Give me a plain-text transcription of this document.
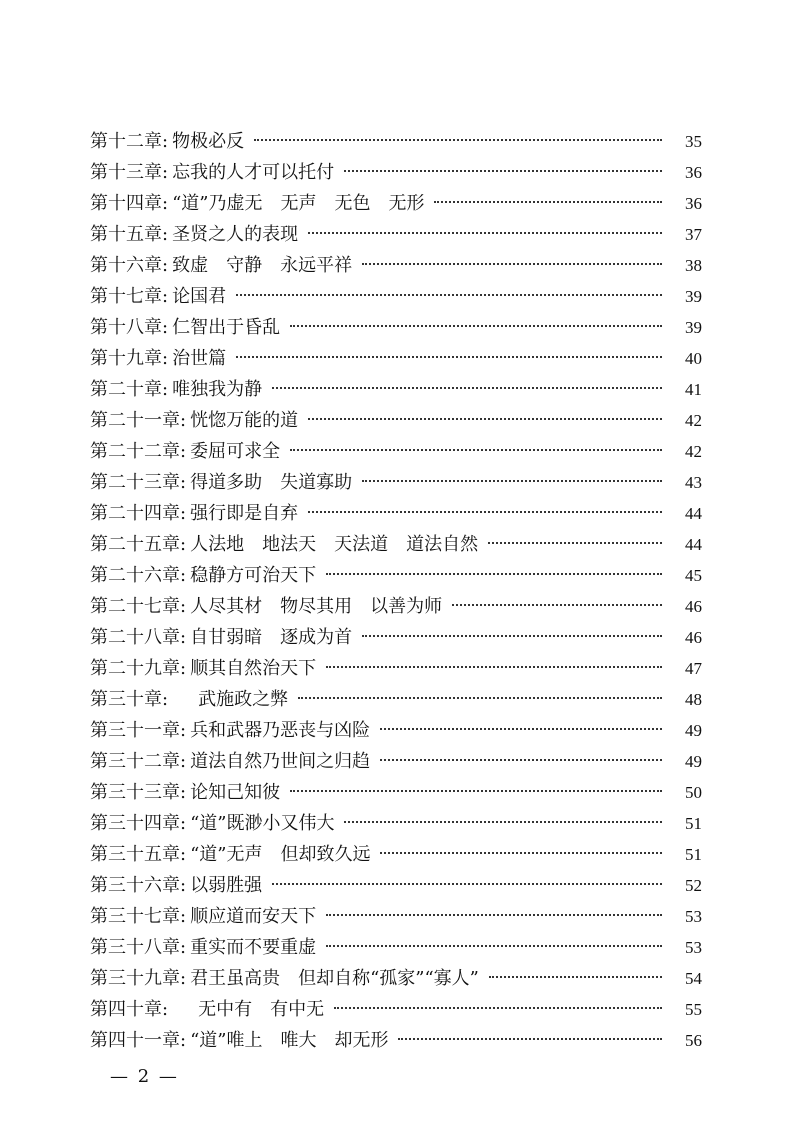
第十二章: 物极必反	35
第十三章: 忘我的人才可以托付	36
第十四章: “道”乃虚无　无声　无色　无形	36
第十五章: 圣贤之人的表现	37
第十六章: 致虚　守静　永远平祥	38
第十七章: 论国君	39
第十八章: 仁智出于昏乱	39
第十九章: 治世篇	40
第二十章: 唯独我为静	41
第二十一章: 恍惚万能的道	42
第二十二章: 委屈可求全	42
第二十三章: 得道多助　失道寡助	43
第二十四章: 强行即是自弃	44
第二十五章: 人法地　地法天　天法道　道法自然	44
第二十六章: 稳静方可治天下	45
第二十七章: 人尽其材　物尽其用　以善为师	46
第二十八章: 自甘弱暗　逐成为首	46
第二十九章: 顺其自然治天下	47
第三十章: 武施政之弊	48
第三十一章: 兵和武器乃恶丧与凶险	49
第三十二章: 道法自然乃世间之归趋	49
第三十三章: 论知己知彼	50
第三十四章: “道”既渺小又伟大	51
第三十五章: “道”无声　但却致久远	51
第三十六章: 以弱胜强	52
第三十七章: 顺应道而安天下	53
第三十八章: 重实而不要重虚	53
第三十九章: 君王虽高贵　但却自称“孤家”“寡人”	54
第四十章: 无中有　有中无	55
第四十一章: “道”唯上　唯大　却无形	56
— 2 —
